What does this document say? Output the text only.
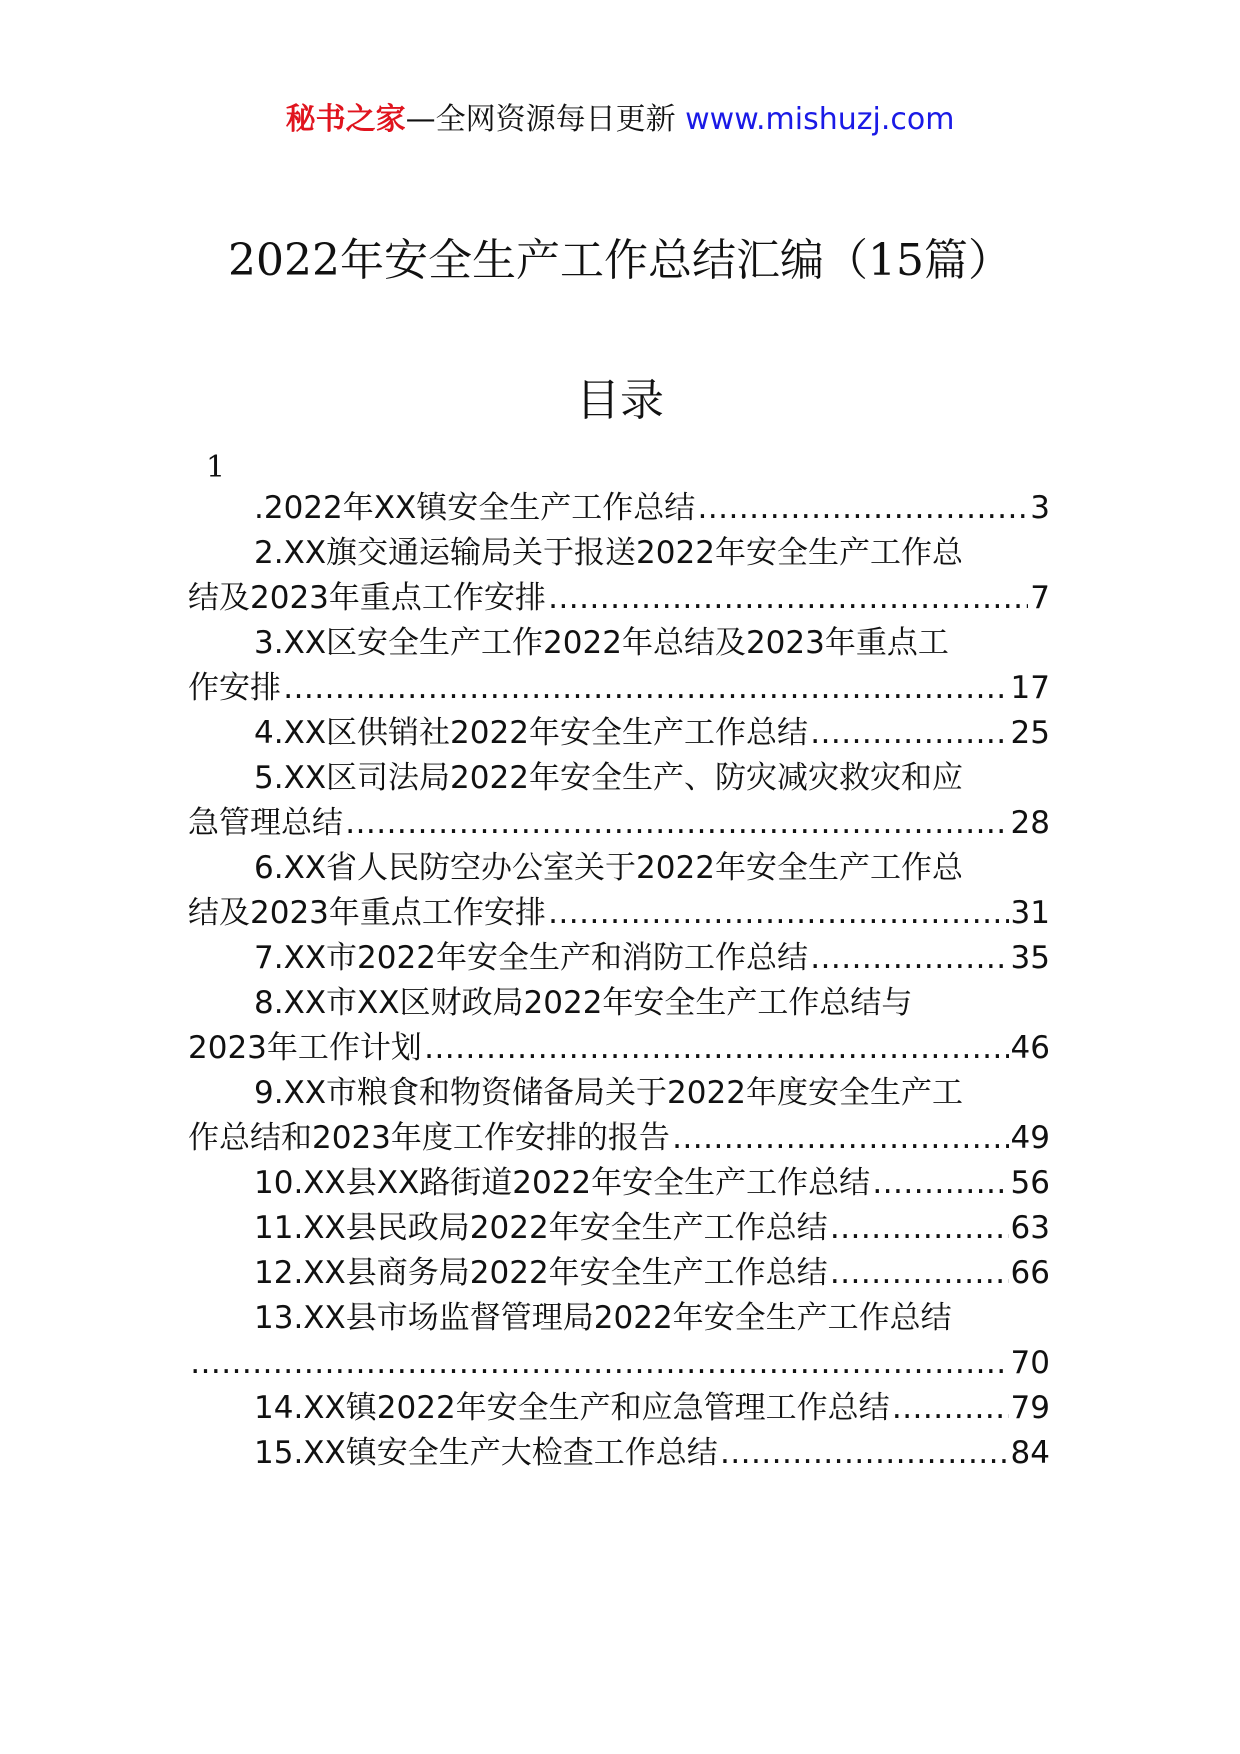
秘书之家—全网资源每日更新 www.mishuzj.com
2022年安全生产工作总结汇编（15篇）
目录
1
.2022年XX镇安全生产工作总结 ………………………………………………………………………………………………………………………………	3
2.XX旗交通运输局关于报送2022年安全生产工作总
结及2023年重点工作安排 ………………………………………………………………………………………………………………………………	7
3.XX区安全生产工作2022年总结及2023年重点工
作安排 ………………………………………………………………………………………………………………………………	17
4.XX区供销社2022年安全生产工作总结 ………………………………………………………………………………………………………………………………	25
5.XX区司法局2022年安全生产、防灾减灾救灾和应
急管理总结 ………………………………………………………………………………………………………………………………	28
6.XX省人民防空办公室关于2022年安全生产工作总
结及2023年重点工作安排 ………………………………………………………………………………………………………………………………	31
7.XX市2022年安全生产和消防工作总结 ………………………………………………………………………………………………………………………………	35
8.XX市XX区财政局2022年安全生产工作总结与
2023年工作计划 ………………………………………………………………………………………………………………………………	46
9.XX市粮食和物资储备局关于2022年度安全生产工
作总结和2023年度工作安排的报告 ………………………………………………………………………………………………………………………………	49
10.XX县XX路街道2022年安全生产工作总结 ………………………………………………………………………………………………………………………………	56
11.XX县民政局2022年安全生产工作总结 ………………………………………………………………………………………………………………………………	63
12.XX县商务局2022年安全生产工作总结 ………………………………………………………………………………………………………………………………	66
13.XX县市场监督管理局2022年安全生产工作总结
………………………………………………………………………………………………………………………………
70
14.XX镇2022年安全生产和应急管理工作总结 ………………………………………………………………………………………………………………………………	79
15.XX镇安全生产大检查工作总结 ………………………………………………………………………………………………………………………………	84
